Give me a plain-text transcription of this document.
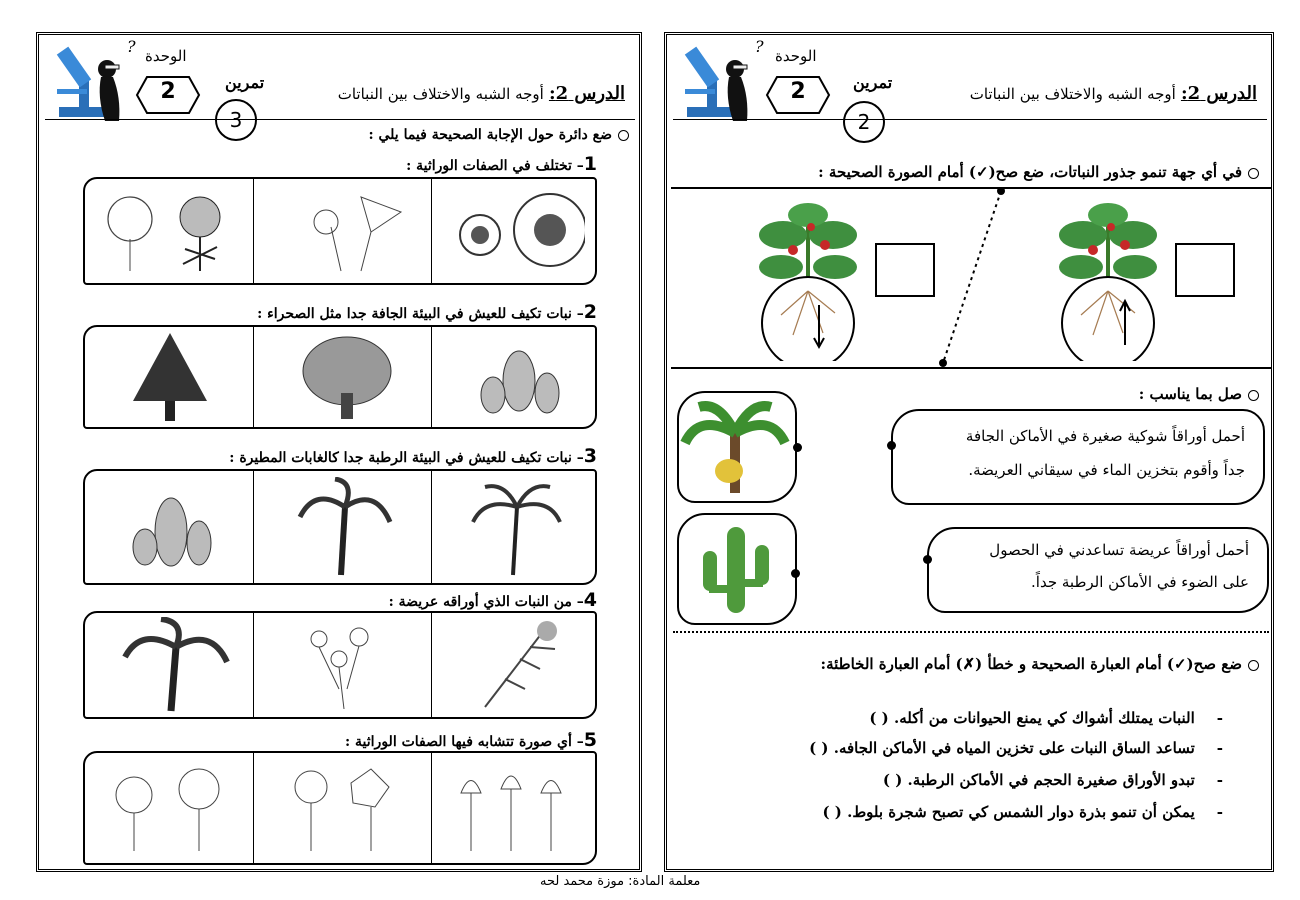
? الوحدة
2	تمرين
3
الدرس 2: أوجه الشبه والاختلاف بين النباتات
ضع دائرة حول الإجابة الصحيحة فيما يلي :
1– تختلف في الصفات الوراثية :
2– نبات تكيف للعيش في البيئة الجافة جدا مثل الصحراء :
3– نبات تكيف للعيش في البيئة الرطبة جدا كالغابات المطيرة :
4– من النبات الذي أوراقه عريضة :
5– أي صورة تتشابه فيها الصفات الوراثية :
? الوحدة
2	تمرين
2
الدرس 2: أوجه الشبه والاختلاف بين النباتات
في أي جهة تنمو جذور النباتات، ضع صح(✓) أمام الصورة الصحيحة :
صل بما يناسب :
أحمل أوراقاً شوكية صغيرة في الأماكن الجافة
جداً وأقوم بتخزين الماء في سيقاني العريضة.
أحمل أوراقاً عريضة تساعدني في الحصول
على الضوء في الأماكن الرطبة جداً.
ضع صح(✓) أمام العبارة الصحيحة و خطأ (✗) أمام العبارة الخاطئة:
-النبات يمتلك أشواك كي يمنع الحيوانات من أكله. ( )
-تساعد الساق النبات على تخزين المياه في الأماكن الجافه. ( )
-تبدو الأوراق صغيرة الحجم في الأماكن الرطبة. ( )
-يمكن أن تنمو بذرة دوار الشمس كي تصبح شجرة بلوط. ( )
معلمة المادة: موزة محمد لحه
